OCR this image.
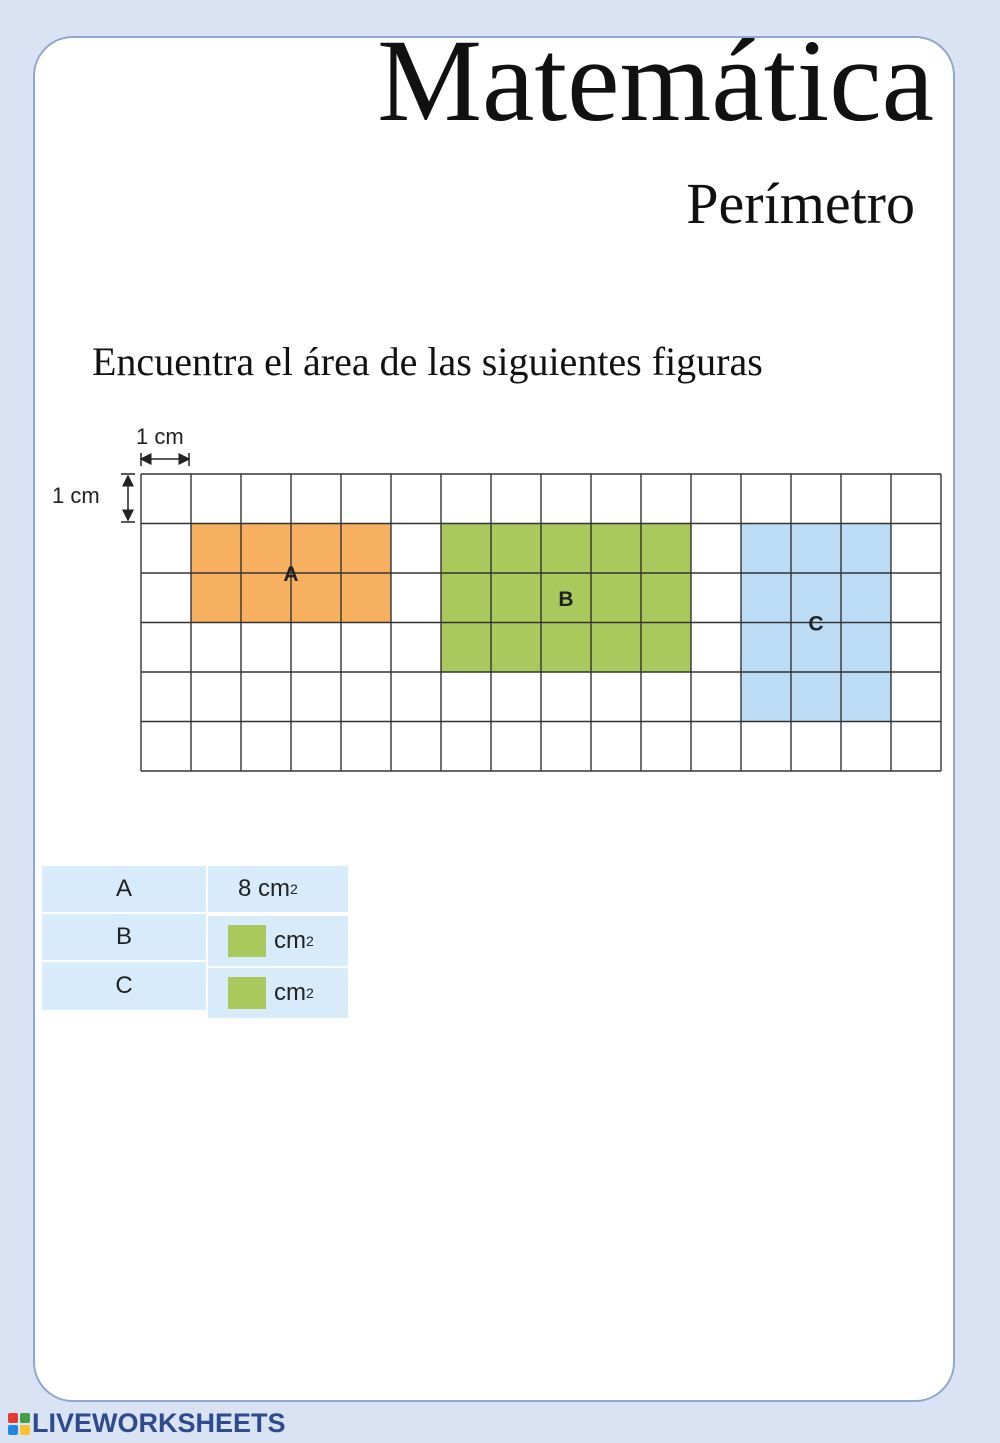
Matemática
Perímetro
Encuentra el área de las siguientes figuras
A
B
C
1 cm
1 cm
A	8 cm 2
B	cm 2
C	cm 2
LIVEWORKSHEETS
